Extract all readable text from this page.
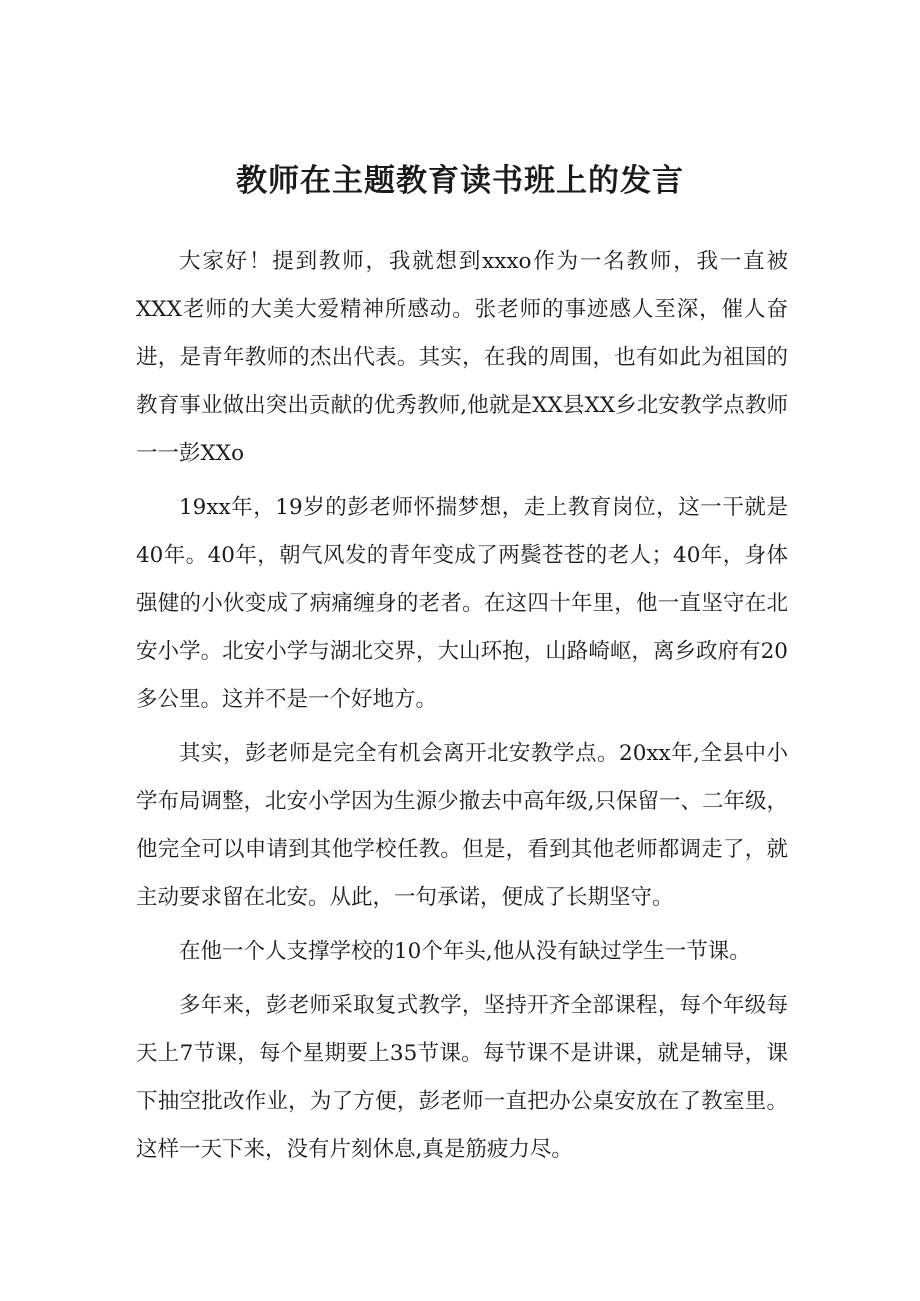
教师在主题教育读书班上的发言

大家好！提到教师，我就想到xxxo作为一名教师，我一直被XXX老师的大美大爱精神所感动。张老师的事迹感人至深，催人奋进，是青年教师的杰出代表。其实，在我的周围，也有如此为祖国的教育事业做出突出贡献的优秀教师,他就是XX县XX乡北安教学点教师一一彭XXo

19xx年，19岁的彭老师怀揣梦想，走上教育岗位，这一干就是40年。40年，朝气风发的青年变成了两鬓苍苍的老人；40年，身体强健的小伙变成了病痛缠身的老者。在这四十年里，他一直坚守在北安小学。北安小学与湖北交界，大山环抱，山路崎岖，离乡政府有20多公里。这并不是一个好地方。

其实，彭老师是完全有机会离开北安教学点。20xx年,全县中小学布局调整，北安小学因为生源少撤去中高年级,只保留一、二年级，他完全可以申请到其他学校任教。但是，看到其他老师都调走了，就主动要求留在北安。从此，一句承诺，便成了长期坚守。

在他一个人支撑学校的10个年头,他从没有缺过学生一节课。

多年来，彭老师采取复式教学，坚持开齐全部课程，每个年级每天上7节课，每个星期要上35节课。每节课不是讲课，就是辅导，课下抽空批改作业，为了方便，彭老师一直把办公桌安放在了教室里。这样一天下来，没有片刻休息,真是筋疲力尽。
